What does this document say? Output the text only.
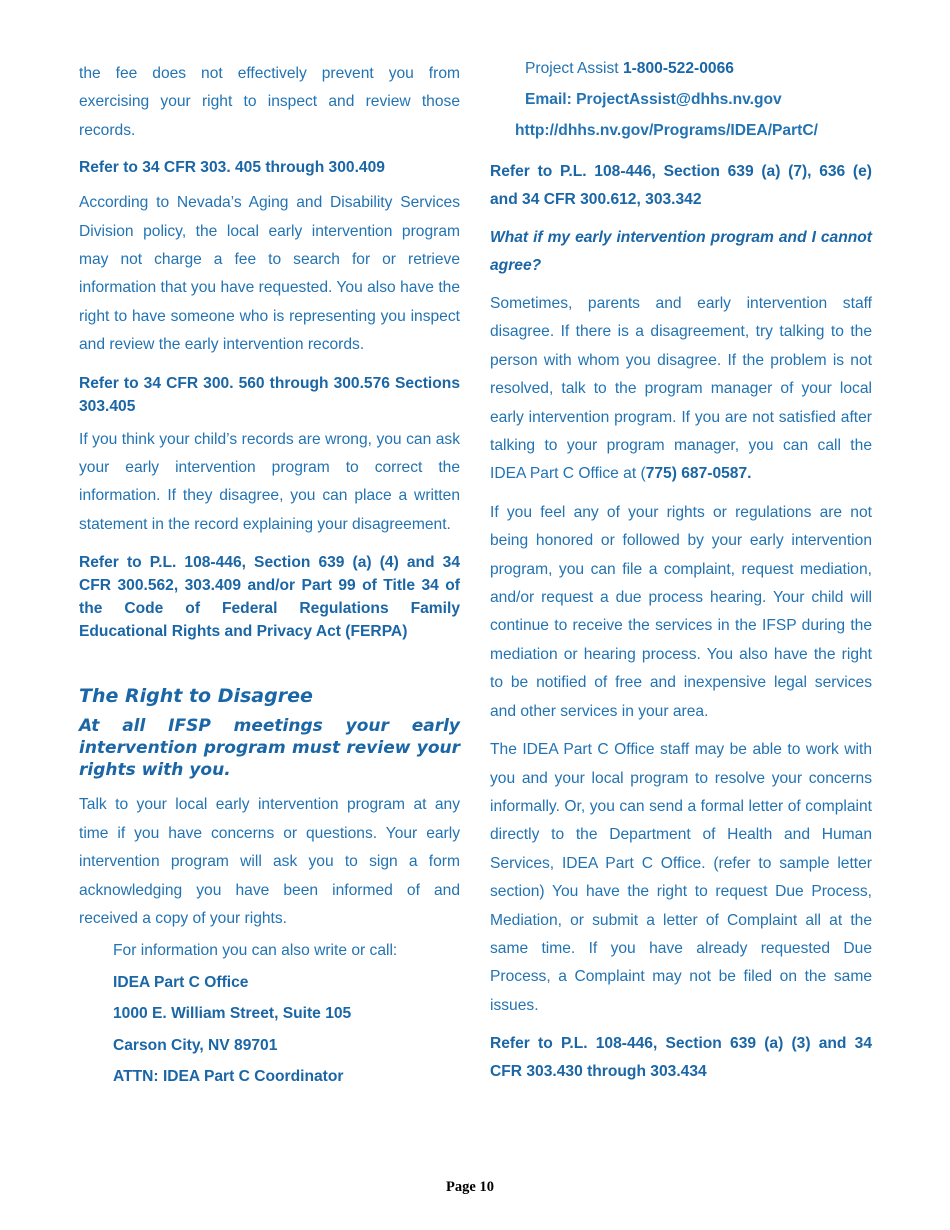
the fee does not effectively prevent you from exercising your right to inspect and review those records.

Refer to 34 CFR 303. 405 through 300.409

According to Nevada’s Aging and Disability Services Division policy, the local early intervention program may not charge a fee to search for or retrieve information that you have requested. You also have the right to have someone who is representing you inspect and review the early intervention records.

Refer to 34 CFR 300. 560 through 300.576 Sections 303.405

If you think your child’s records are wrong, you can ask your early intervention program to correct the information. If they disagree, you can place a written statement in the record explaining your disagreement.

Refer to P.L. 108-446, Section 639 (a) (4) and 34 CFR 300.562, 303.409 and/or Part 99 of Title 34 of the Code of Federal Regulations Family Educational Rights and Privacy Act (FERPA)

The Right to Disagree
At all IFSP meetings your early intervention program must review your rights with you.

Talk to your local early intervention program at any time if you have concerns or questions. Your early intervention program will ask you to sign a form acknowledging you have been informed of and received a copy of your rights.

For information you can also write or call:
IDEA Part C Office
1000 E. William Street, Suite 105
Carson City, NV 89701
ATTN: IDEA Part C Coordinator
Project Assist 1-800-522-0066
Email: ProjectAssist@dhhs.nv.gov
http://dhhs.nv.gov/Programs/IDEA/PartC/

Refer to P.L. 108-446, Section 639 (a) (7), 636 (e) and 34 CFR 300.612, 303.342

What if my early intervention program and I cannot agree?

Sometimes, parents and early intervention staff disagree. If there is a disagreement, try talking to the person with whom you disagree. If the problem is not resolved, talk to the program manager of your local early intervention program. If you are not satisfied after talking to your program manager, you can call the IDEA Part C Office at (775) 687-0587.

If you feel any of your rights or regulations are not being honored or followed by your early intervention program, you can file a complaint, request mediation, and/or request a due process hearing. Your child will continue to receive the services in the IFSP during the mediation or hearing process. You also have the right to be notified of free and inexpensive legal services and other services in your area.

The IDEA Part C Office staff may be able to work with you and your local program to resolve your concerns informally. Or, you can send a formal letter of complaint directly to the Department of Health and Human Services, IDEA Part C Office. (refer to sample letter section) You have the right to request Due Process, Mediation, or submit a letter of Complaint all at the same time. If you have already requested Due Process, a Complaint may not be filed on the same issues.

Refer to P.L. 108-446, Section 639 (a) (3) and 34 CFR 303.430 through 303.434

Page 10
